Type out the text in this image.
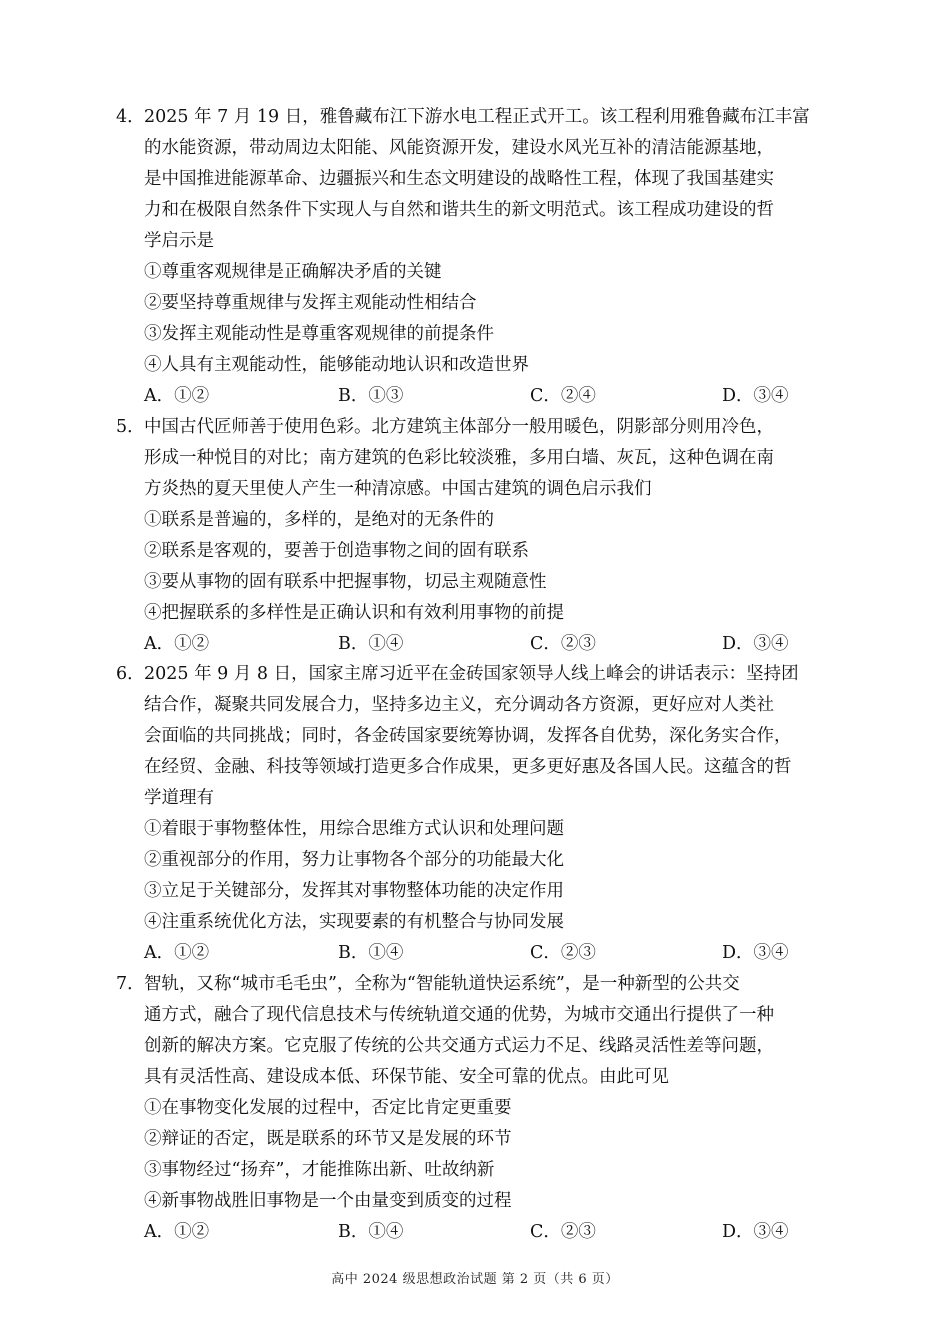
4．2025 年 7 月 19 日，雅鲁藏布江下游水电工程正式开工。该工程利用雅鲁藏布江丰富
的水能资源，带动周边太阳能、风能资源开发，建设水风光互补的清洁能源基地，
是中国推进能源革命、边疆振兴和生态文明建设的战略性工程，体现了我国基建实
力和在极限自然条件下实现人与自然和谐共生的新文明范式。该工程成功建设的哲
学启示是
①尊重客观规律是正确解决矛盾的关键
②要坚持尊重规律与发挥主观能动性相结合
③发挥主观能动性是尊重客观规律的前提条件
④人具有主观能动性，能够能动地认识和改造世界
A．①②	B．①③	C．②④	D．③④
5．中国古代匠师善于使用色彩。北方建筑主体部分一般用暖色，阴影部分则用冷色，
形成一种悦目的对比；南方建筑的色彩比较淡雅，多用白墙、灰瓦，这种色调在南
方炎热的夏天里使人产生一种清凉感。中国古建筑的调色启示我们
①联系是普遍的，多样的，是绝对的无条件的
②联系是客观的，要善于创造事物之间的固有联系
③要从事物的固有联系中把握事物，切忌主观随意性
④把握联系的多样性是正确认识和有效利用事物的前提
A．①②	B．①④	C．②③	D．③④
6．2025 年 9 月 8 日，国家主席习近平在金砖国家领导人线上峰会的讲话表示：坚持团
结合作，凝聚共同发展合力，坚持多边主义，充分调动各方资源，更好应对人类社
会面临的共同挑战；同时，各金砖国家要统筹协调，发挥各自优势，深化务实合作，
在经贸、金融、科技等领域打造更多合作成果，更多更好惠及各国人民。这蕴含的哲
学道理有
①着眼于事物整体性，用综合思维方式认识和处理问题
②重视部分的作用，努力让事物各个部分的功能最大化
③立足于关键部分，发挥其对事物整体功能的决定作用
④注重系统优化方法，实现要素的有机整合与协同发展
A．①②	B．①④	C．②③	D．③④
7．智轨，又称“城市毛毛虫”，全称为“智能轨道快运系统”，是一种新型的公共交
通方式，融合了现代信息技术与传统轨道交通的优势，为城市交通出行提供了一种
创新的解决方案。它克服了传统的公共交通方式运力不足、线路灵活性差等问题，
具有灵活性高、建设成本低、环保节能、安全可靠的优点。由此可见
①在事物变化发展的过程中，否定比肯定更重要
②辩证的否定，既是联系的环节又是发展的环节
③事物经过“扬弃”，才能推陈出新、吐故纳新
④新事物战胜旧事物是一个由量变到质变的过程
A．①②	B．①④	C．②③	D．③④
高中 2024 级思想政治试题 第 2 页（共 6 页）
